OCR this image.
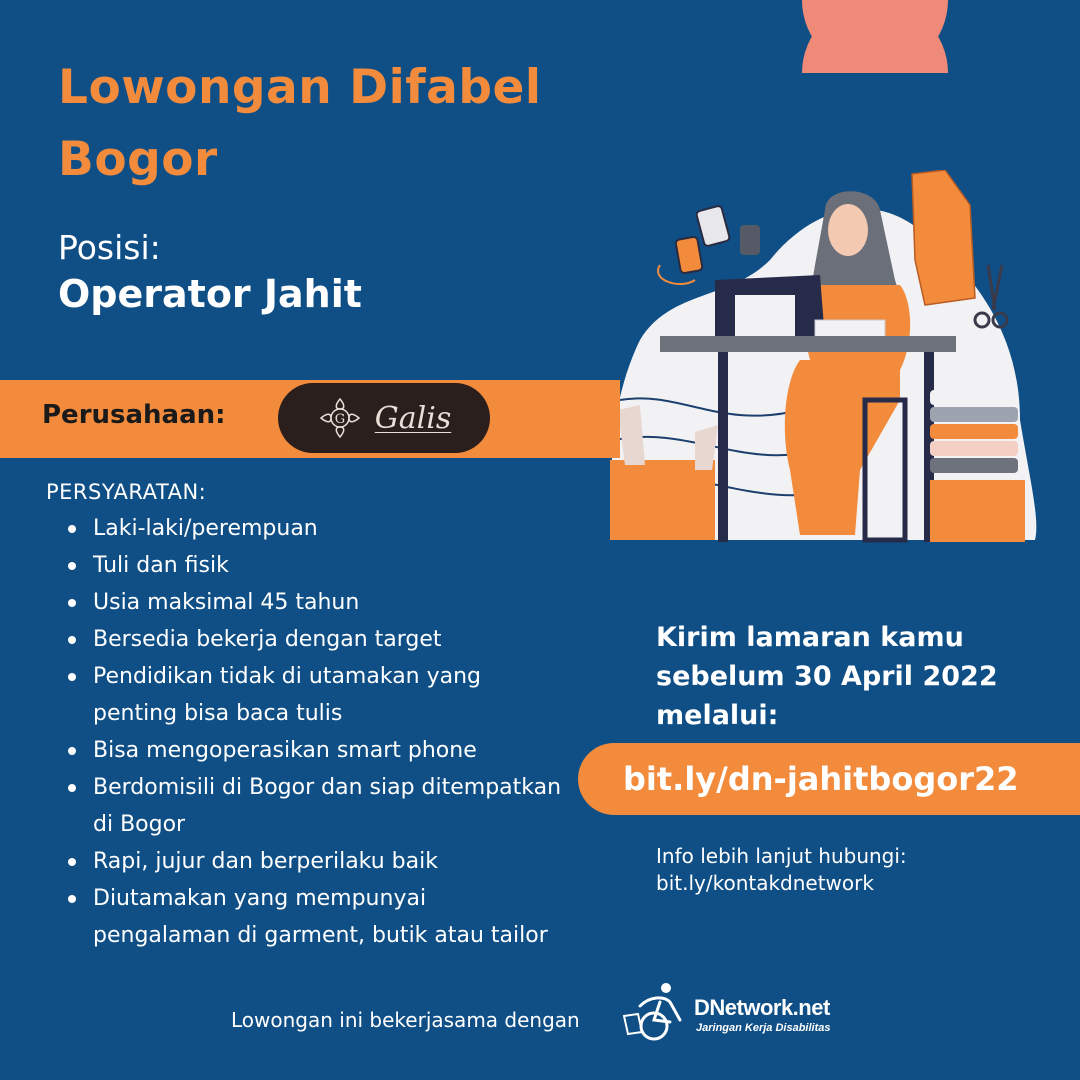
Lowongan Difabel
Bogor
Posisi:
Operator Jahit
Perusahaan:	G Galis
PERSYARATAN:
Laki-laki/perempuan
Tuli dan fisik
Usia maksimal 45 tahun
Bersedia bekerja dengan target
Pendidikan tidak di utamakan yang penting bisa baca tulis
Bisa mengoperasikan smart phone
Berdomisili di Bogor dan siap ditempatkan di Bogor
Rapi, jujur dan berperilaku baik
Diutamakan yang mempunyai pengalaman di garment, butik atau tailor
Kirim lamaran kamu
sebelum 30 April 2022
melalui:
bit.ly/dn-jahitbogor22
Info lebih lanjut hubungi:
bit.ly/kontakdnetwork
Lowongan ini bekerjasama dengan	DNetwork.net
Jaringan Kerja Disabilitas
